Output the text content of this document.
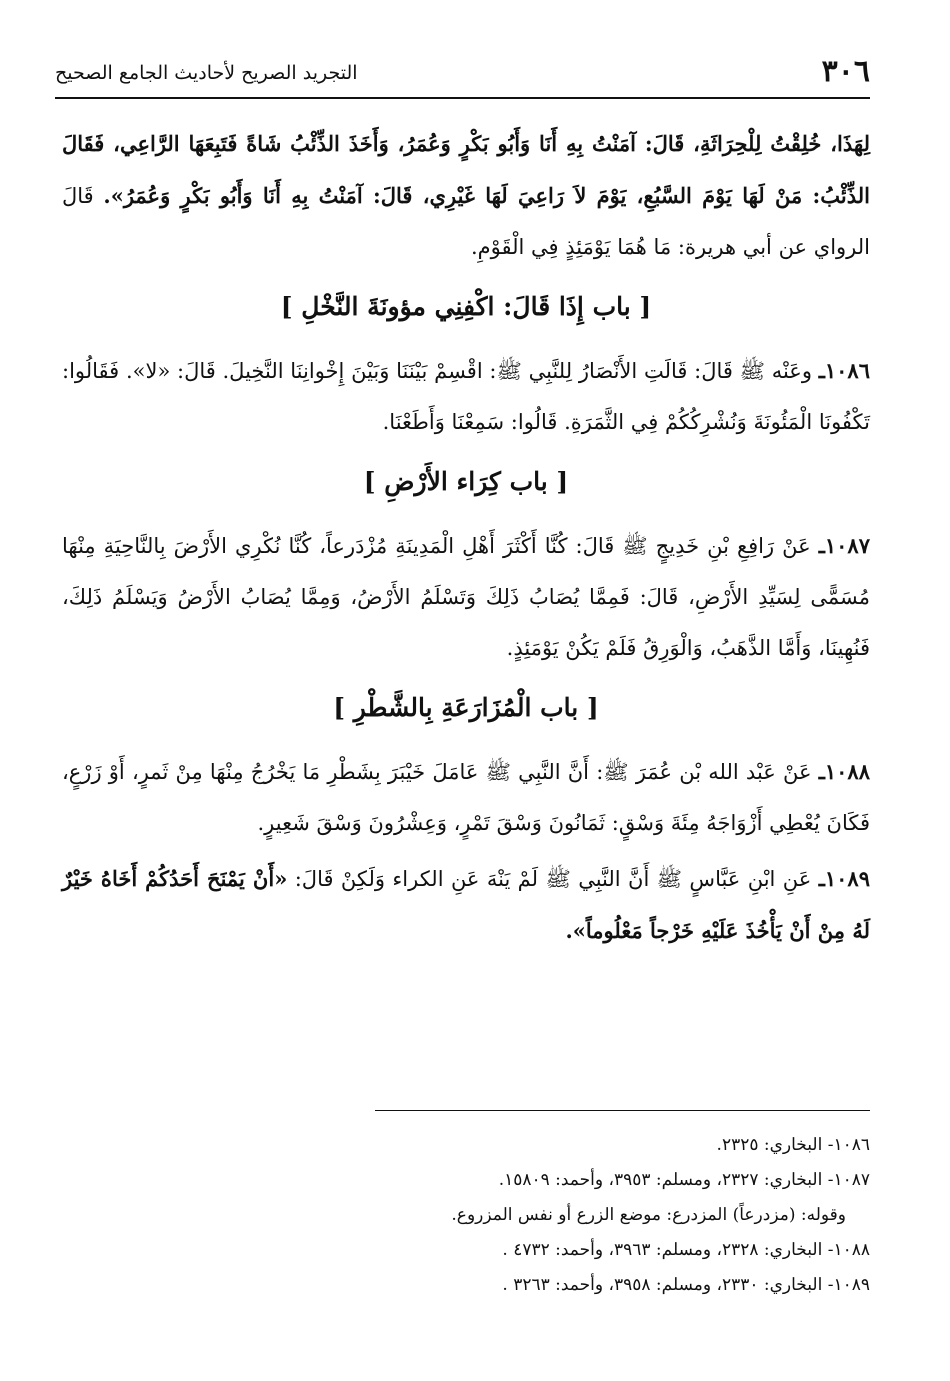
٣٠٦
التجريد الصريح لأحاديث الجامع الصحيح

لِهَذَا، خُلِقْتُ لِلْحِرَاثَةِ، قَالَ: آمَنْتُ بِهِ أَنَا وَأَبُو بَكْرٍ وَعُمَرُ، وَأَخَذَ الذِّئْبُ شَاةً فَتَبِعَهَا الرَّاعِي، فَقَالَ الذِّئْبُ: مَنْ لَهَا يَوْمَ السَّبُعِ، يَوْمَ لاَ رَاعِيَ لَهَا غَيْرِي، قَالَ: آمَنْتُ بِهِ أَنَا وَأَبُو بَكْرٍ وَعُمَرُ». قَالَ الرواي عن أبي هريرة: مَا هُمَا يَوْمَئِذٍ فِي الْقَوْمِ.

[ باب إِذَا قَالَ: اكْفِنِي مؤونَةَ النَّخْلِ ]

١٠٨٦ـ وعَنْه ﷺ قَالَ: قَالَتِ الأَنْصَارُ لِلنَّبِي ﷺ: اقْسِمْ بَيْنَنَا وَبَيْنَ إِخْوانِنَا النَّخِيلَ. قَالَ: «لا». فَقَالُوا: تَكْفُونَا الْمَئُونَةَ وَنُشْرِكُكُمْ فِي الثَّمَرَةِ. قَالُوا: سَمِعْنَا وَأَطَعْنَا.

[ باب كِرَاء الأَرْضِ ]

١٠٨٧ـ عَنْ رَافِعِ بْنِ خَدِيجٍ ﷺ قَالَ: كُنَّا أَكْثَرَ أَهْلِ الْمَدِينَةِ مُزْدَرعاً، كُنَّا نُكْرِي الأَرْضَ بِالنَّاحِيَةِ مِنْهَا مُسَمًّى لِسَيِّدِ الأَرْضِ، قَالَ: فَمِمَّا يُصَابُ ذَلِكَ وَتَسْلَمُ الأَرْضُ، وَمِمَّا يُصَابُ الأَرْضُ وَيَسْلَمُ ذَلِكَ، فَنُهِينَا، وَأَمَّا الذَّهَبُ، وَالْوَرِقُ فَلَمْ يَكُنْ يَوْمَئِذٍ.

[ باب الْمُزَارَعَةِ بِالشَّطْرِ ]

١٠٨٨ـ عَنْ عَبْد الله بْن عُمَرَ ﷺ: أَنَّ النَّبِي ﷺ عَامَلَ خَيْبَرَ بِشَطْرِ مَا يَخْرُجُ مِنْهَا مِنْ ثَمرٍ، أَوْ زَرْعٍ، فَكَانَ يُعْطِي أَزْوَاجَهُ مِئَةَ وَسْقٍ: ثَمَانُونَ وَسْقَ تَمْرٍ، وَعِشْرُونَ وَسْقَ شَعِيرٍ.

١٠٨٩ـ عَنِ ابْنِ عَبَّاسٍ ﷺ أَنَّ النَّبِي ﷺ لَمْ يَنْهَ عَنِ الكراء وَلَكِنْ قَالَ: «أَنْ يَمْنَحَ أَحَدُكُمْ أَخَاهُ خَيْرٌ لَهُ مِنْ أَنْ يَأْخُذَ عَلَيْهِ خَرْجاً مَعْلُوماً».

١٠٨٦- البخاري: ٢٣٢٥.

١٠٨٧- البخاري: ٢٣٢٧، ومسلم: ٣٩٥٣، وأحمد: ١٥٨٠٩.

وقوله: (مزدرعاً) المزدرع: موضع الزرع أو نفس المزروع.

١٠٨٨- البخاري: ٢٣٢٨، ومسلم: ٣٩٦٣، وأحمد: ٤٧٣٢ .

١٠٨٩- البخاري: ٢٣٣٠، ومسلم: ٣٩٥٨، وأحمد: ٣٢٦٣ .
